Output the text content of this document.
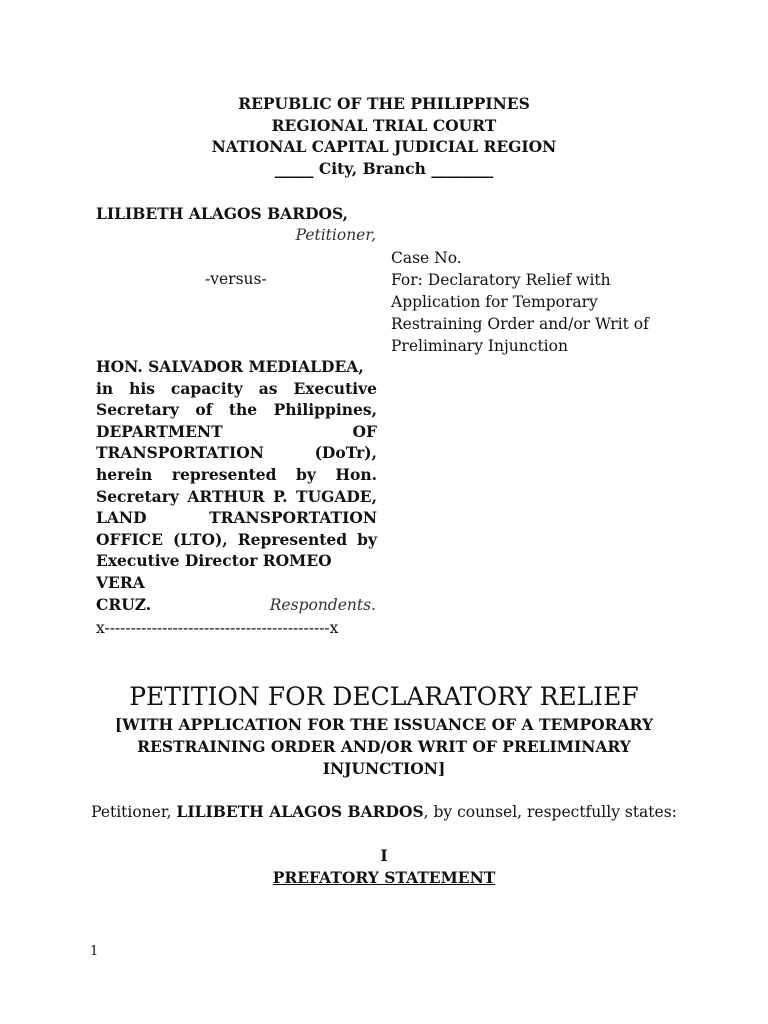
REPUBLIC OF THE PHILIPPINES
REGIONAL TRIAL COURT
NATIONAL CAPITAL JUDICIAL REGION
_____ City, Branch ________
LILIBETH ALAGOS BARDOS,
Petitioner,
-versus-
Case No.
For: Declaratory Relief with
Application for Temporary
Restraining Order and/or Writ of
Preliminary Injunction
HON. SALVADOR MEDIALDEA,
in his capacity as Executive
Secretary of the Philippines,
DEPARTMENT OF
TRANSPORTATION (DoTr),
herein represented by Hon.
Secretary ARTHUR P. TUGADE,
LAND TRANSPORTATION
OFFICE (LTO), Represented by
Executive Director ROMEO VERA
CRUZ.	Respondents.
x-------------------------------------------x
PETITION FOR DECLARATORY RELIEF
[WITH APPLICATION FOR THE ISSUANCE OF A TEMPORARY
RESTRAINING ORDER AND/OR WRIT OF PRELIMINARY
INJUNCTION]
Petitioner, LILIBETH ALAGOS BARDOS, by counsel, respectfully states:
I
PREFATORY STATEMENT
1
